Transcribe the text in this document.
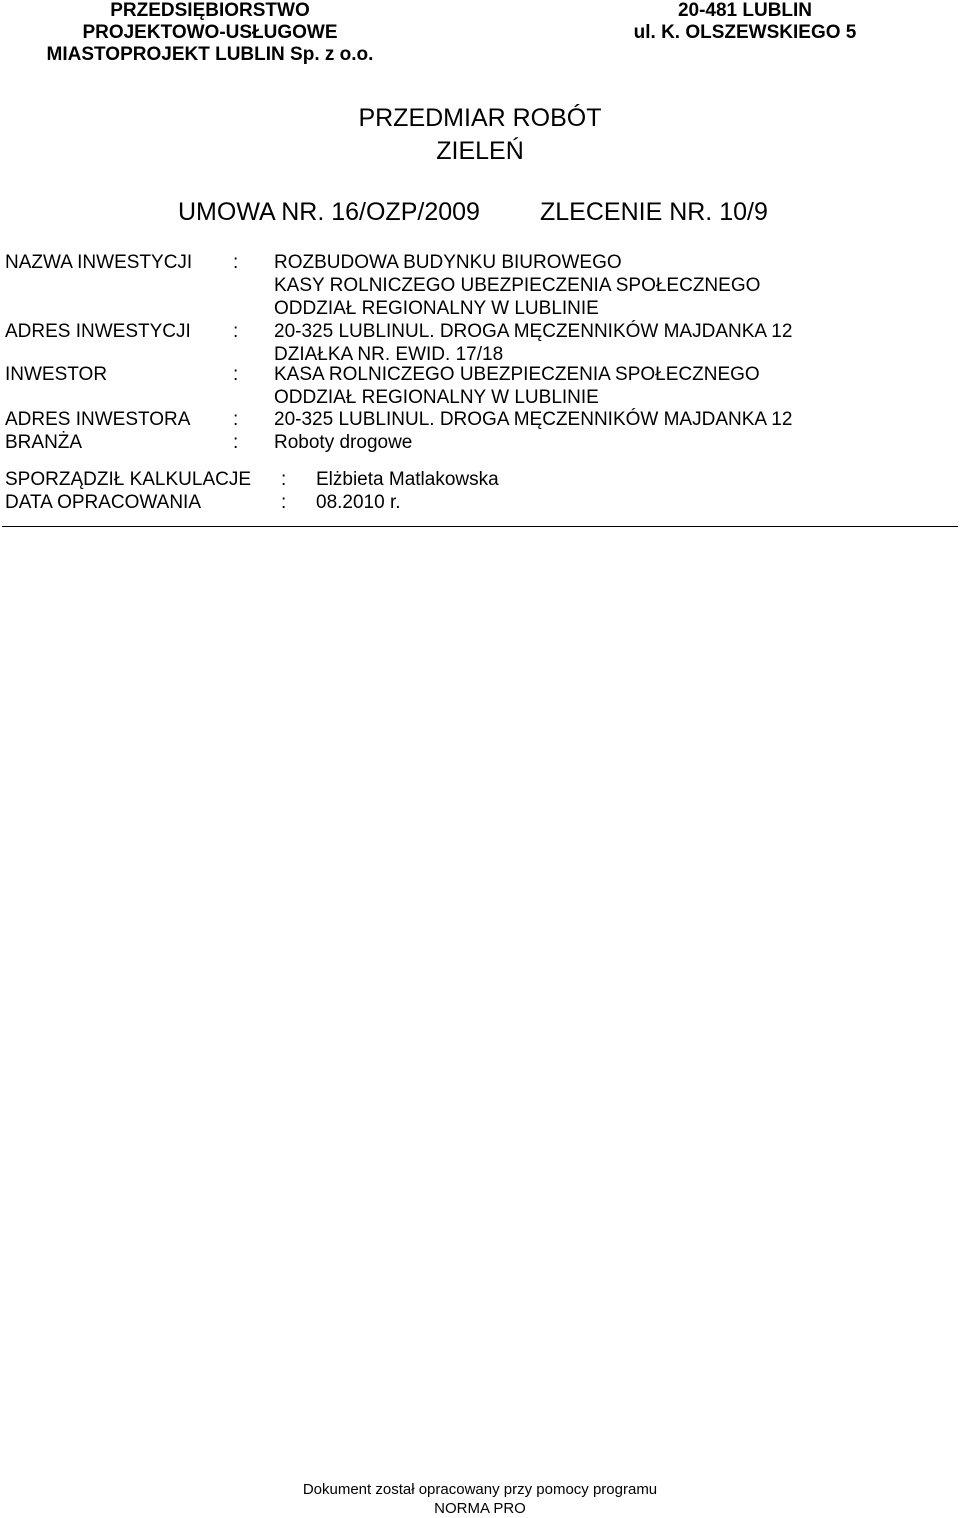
PRZEDSIĘBIORSTWO
PROJEKTOWO-USŁUGOWE
MIASTOPROJEKT LUBLIN Sp. z o.o.
20-481 LUBLIN
ul. K. OLSZEWSKIEGO 5
PRZEDMIAR ROBÓT
ZIELEŃ
UMOWA NR. 16/OZP/2009 ZLECENIE NR. 10/9
NAZWA INWESTYCJI : ROZBUDOWA BUDYNKU BIUROWEGO
KASY ROLNICZEGO UBEZPIECZENIA SPOŁECZNEGO
ODDZIAŁ REGIONALNY W LUBLINIE
ADRES INWESTYCJI : 20-325 LUBLINUL. DROGA MĘCZENNIKÓW MAJDANKA 12
DZIAŁKA NR. EWID. 17/18
INWESTOR	: KASA ROLNICZEGO UBEZPIECZENIA SPOŁECZNEGO
ODDZIAŁ REGIONALNY W LUBLINIE
ADRES INWESTORA : 20-325 LUBLINUL. DROGA MĘCZENNIKÓW MAJDANKA 12
BRANŻA	: Roboty drogowe
SPORZĄDZIŁ KALKULACJE : Elżbieta Matlakowska
DATA OPRACOWANIA	: 08.2010 r.
Dokument został opracowany przy pomocy programu
NORMA PRO
